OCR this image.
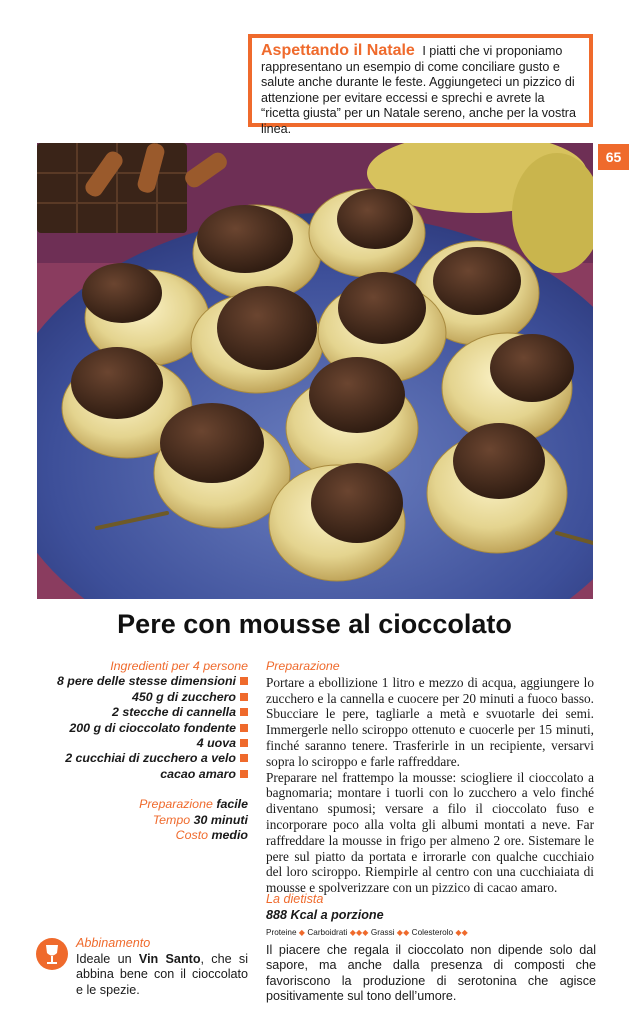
Aspettando il Natale I piatti che vi proponiamo rappresentano un esempio di come conciliare gusto e salute anche durante le feste. Aggiungeteci un pizzico di attenzione per evitare eccessi e sprechi e avrete la “ricetta giusta” per un Natale sereno, anche per la vostra linea.
65
Pere con mousse al cioccolato
Ingredienti per 4 persone
8 pere delle stesse dimensioni
450 g di zucchero
2 stecche di cannella
200 g di cioccolato fondente
4 uova
2 cucchiai di zucchero a velo
cacao amaro
Preparazione facile
Tempo 30 minuti
Costo medio
Preparazione

Portare a ebollizione 1 litro e mezzo di acqua, aggiungere lo zucchero e la cannella e cuocere per 20 minuti a fuoco basso. Sbucciare le pere, tagliarle a metà e svuotarle dei semi. Immergerle nello sciroppo ottenuto e cuocerle per 15 minuti, finché saranno tenere. Trasferirle in un recipiente, versarvi sopra lo sciroppo e farle raffreddare.

Preparare nel frattempo la mousse: sciogliere il cioccolato a bagnomaria; montare i tuorli con lo zucchero a velo finché diventano spumosi; versare a filo il cioccolato fuso e incorporare poco alla volta gli albumi montati a neve. Far raffreddare la mousse in frigo per almeno 2 ore. Sistemare le pere sul piatto da portata e irrorarle con qualche cucchiaio del loro sciroppo. Riempirle al centro con una cucchiaiata di mousse e spolverizzare con un pizzico di cacao amaro.

La dietista
888 Kcal a porzione
Proteine ◆ Carboidrati ◆◆◆ Grassi ◆◆ Colesterolo ◆◆

Il piacere che regala il cioccolato non dipende solo dal sapore, ma anche dalla presenza di composti che favoriscono la produzione di serotonina che agisce positivamente sul tono dell’umore.

Abbinamento

Ideale un Vin Santo, che si abbina bene con il cioccolato e le spezie.
